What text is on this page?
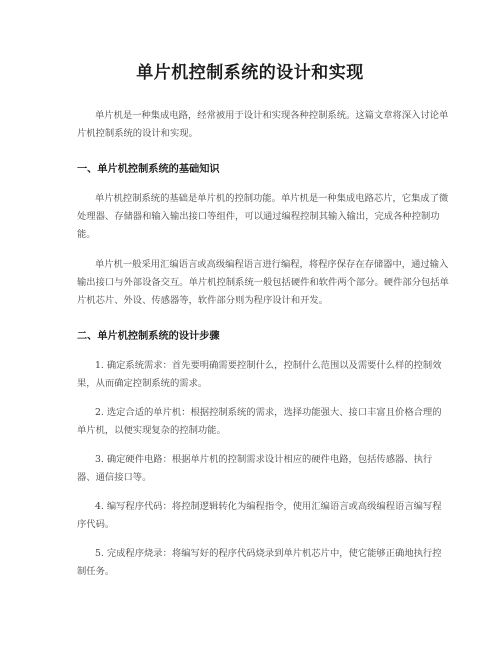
单片机控制系统的设计和实现

单片机是一种集成电路，经常被用于设计和实现各种控制系统。这篇文章将深入讨论单片机控制系统的设计和实现。

一、单片机控制系统的基础知识

单片机控制系统的基础是单片机的控制功能。单片机是一种集成电路芯片，它集成了微处理器、存储器和输入输出接口等组件，可以通过编程控制其输入输出，完成各种控制功能。

单片机一般采用汇编语言或高级编程语言进行编程，将程序保存在存储器中，通过输入输出接口与外部设备交互。单片机控制系统一般包括硬件和软件两个部分。硬件部分包括单片机芯片、外设、传感器等，软件部分则为程序设计和开发。

二、单片机控制系统的设计步骤
1. 确定系统需求：首先要明确需要控制什么，控制什么范围以及需要什么样的控制效果，从而确定控制系统的需求。
2. 选定合适的单片机：根据控制系统的需求，选择功能强大、接口丰富且价格合理的单片机，以便实现复杂的控制功能。
3. 确定硬件电路：根据单片机的控制需求设计相应的硬件电路，包括传感器、执行器、通信接口等。
4. 编写程序代码：将控制逻辑转化为编程指令，使用汇编语言或高级编程语言编写程序代码。
5. 完成程序烧录：将编写好的程序代码烧录到单片机芯片中，使它能够正确地执行控制任务。
